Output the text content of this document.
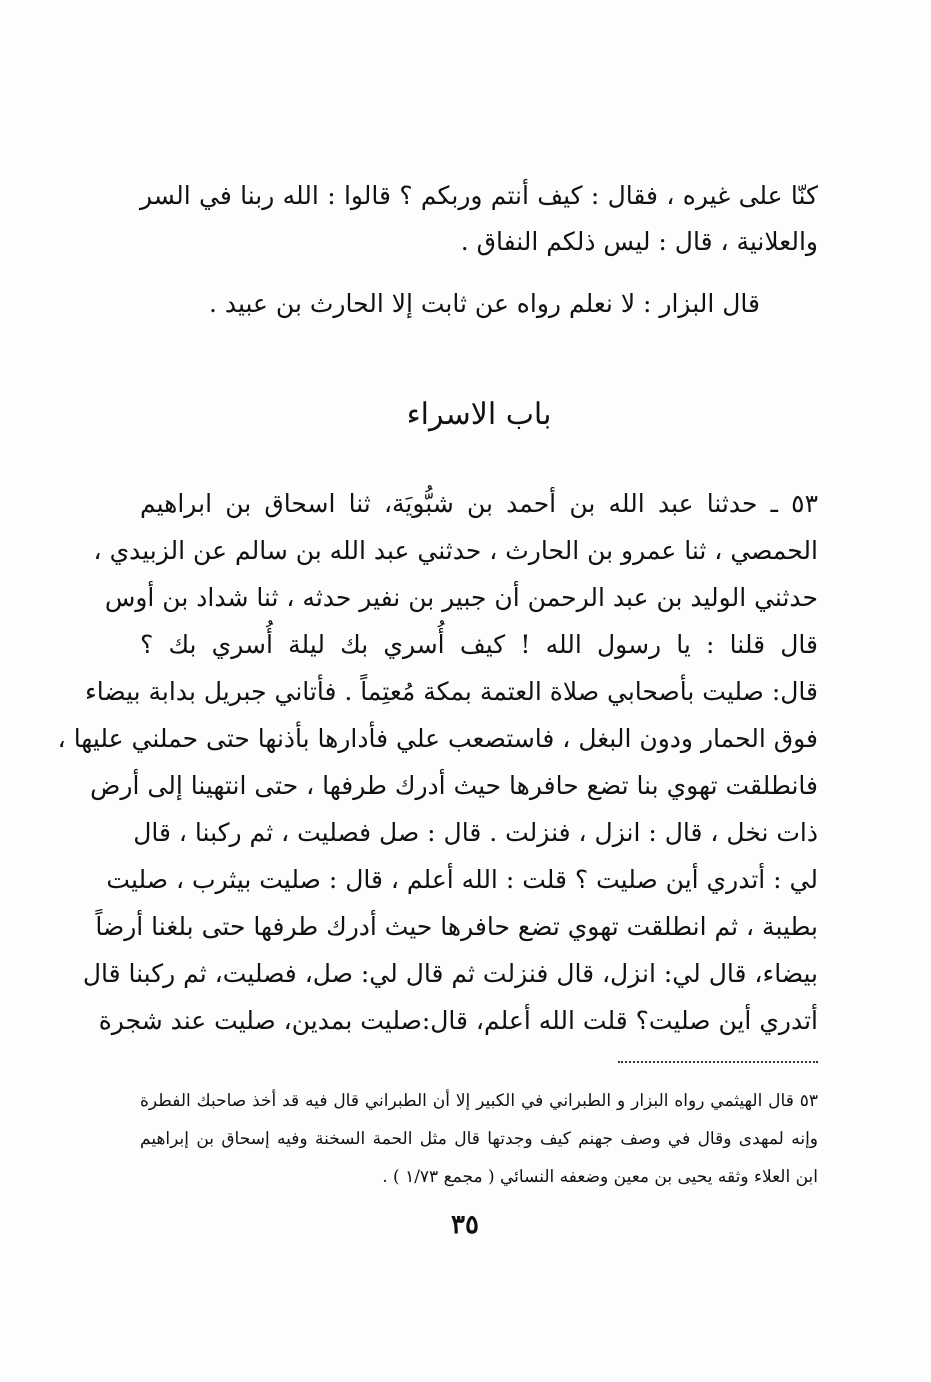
كنّا على غيره ، فقال : كيف أنتم وربكم ؟ قالوا : الله ربنا في السر
والعلانية ، قال : ليس ذلكم النفاق .
قال البزار : لا نعلم رواه عن ثابت إلا الحارث بن عبيد .
باب الاسراء
٥٣ ـ حدثنا عبد الله بن أحمد بن شبُّويَة، ثنا اسحاق بن ابراهيم
الحمصي ، ثنا عمرو بن الحارث ، حدثني عبد الله بن سالم عن الزبيدي ،
حدثني الوليد بن عبد الرحمن أن جبير بن نفير حدثه ، ثنا شداد بن أوس
قال قلنا : يا رسول الله ! كيف أُسري بك ليلة أُسري بك ؟
قال: صليت بأصحابي صلاة العتمة بمكة مُعتِماً . فأتاني جبريل بدابة بيضاء
فوق الحمار ودون البغل ، فاستصعب علي فأدارها بأذنها حتى حملني عليها ،
فانطلقت تهوي بنا تضع حافرها حيث أدرك طرفها ، حتى انتهينا إلى أرض
ذات نخل ، قال : انزل ، فنزلت . قال : صل فصليت ، ثم ركبنا ، قال
لي : أتدري أين صليت ؟ قلت : الله أعلم ، قال : صليت بيثرب ، صليت
بطيبة ، ثم انطلقت تهوي تضع حافرها حيث أدرك طرفها حتى بلغنا أرضاً
بيضاء، قال لي: انزل، قال فنزلت ثم قال لي: صل، فصليت، ثم ركبنا قال
أتدري أين صليت؟ قلت الله أعلم، قال:صليت بمدين، صليت عند شجرة
٥٣ قال الهيثمي رواه البزار و الطبراني في الكبير إلا أن الطبراني قال فيه قد أخذ صاحبك الفطرة
وإنه لمهدى وقال في وصف جهنم كيف وجدتها قال مثل الحمة السخنة وفيه إسحاق بن إبراهيم
ابن العلاء وثقه يحيى بن معين وضعفه النسائي ( مجمع ١/٧٣ ) .
٣٥
